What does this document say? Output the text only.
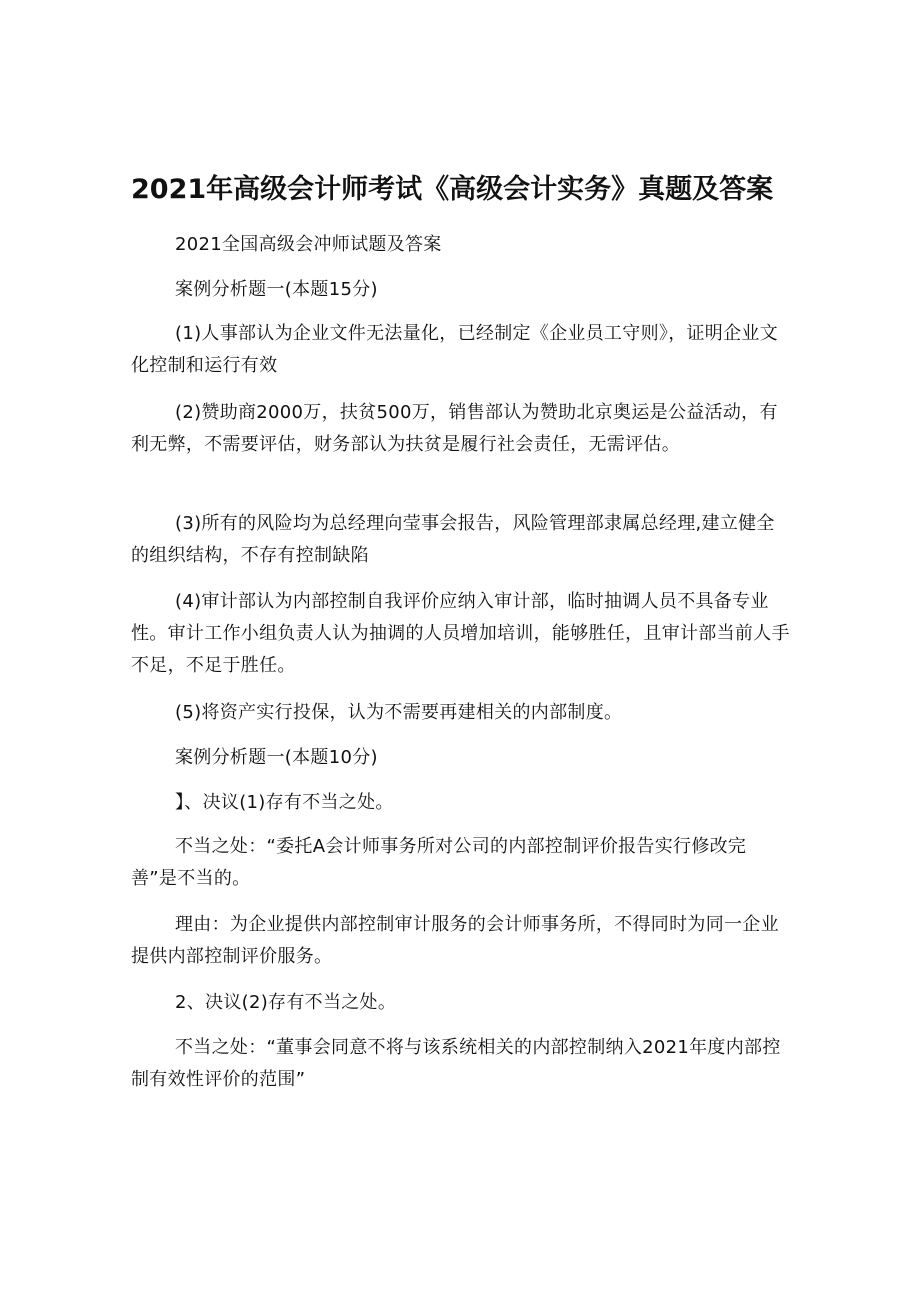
2021年高级会计师考试《高级会计实务》真题及答案
2021全国高级会冲师试题及答案
案例分析题一(本题15分)
(1)人事部认为企业文件无法量化，已经制定《企业员工守则》，证明企业文化控制和运行有效
(2)赞助商2000万，扶贫500万，销售部认为赞助北京奥运是公益活动，有利无弊，不需要评估，财务部认为扶贫是履行社会责任，无需评估。
(3)所有的风险均为总经理向莹事会报告，风险管理部隶属总经理,建立健全的组织结构，不存有控制缺陷
(4)审计部认为内部控制自我评价应纳入审计部，临时抽调人员不具备专业性。审计工作小组负责人认为抽调的人员增加培训，能够胜任，且审计部当前人手不足，不足于胜任。
(5)将资产实行投保，认为不需要再建相关的内部制度。
案例分析题一(本题10分)
】、决议(1)存有不当之处。
不当之处：“委托A会计师事务所对公司的内部控制评价报告实行修改完善”是不当的。
理由：为企业提供内部控制审计服务的会计师事务所，不得同时为同一企业提供内部控制评价服务。
2、决议(2)存有不当之处。
不当之处：“董事会同意不将与该系统相关的内部控制纳入2021年度内部控制有效性评价的范围”
